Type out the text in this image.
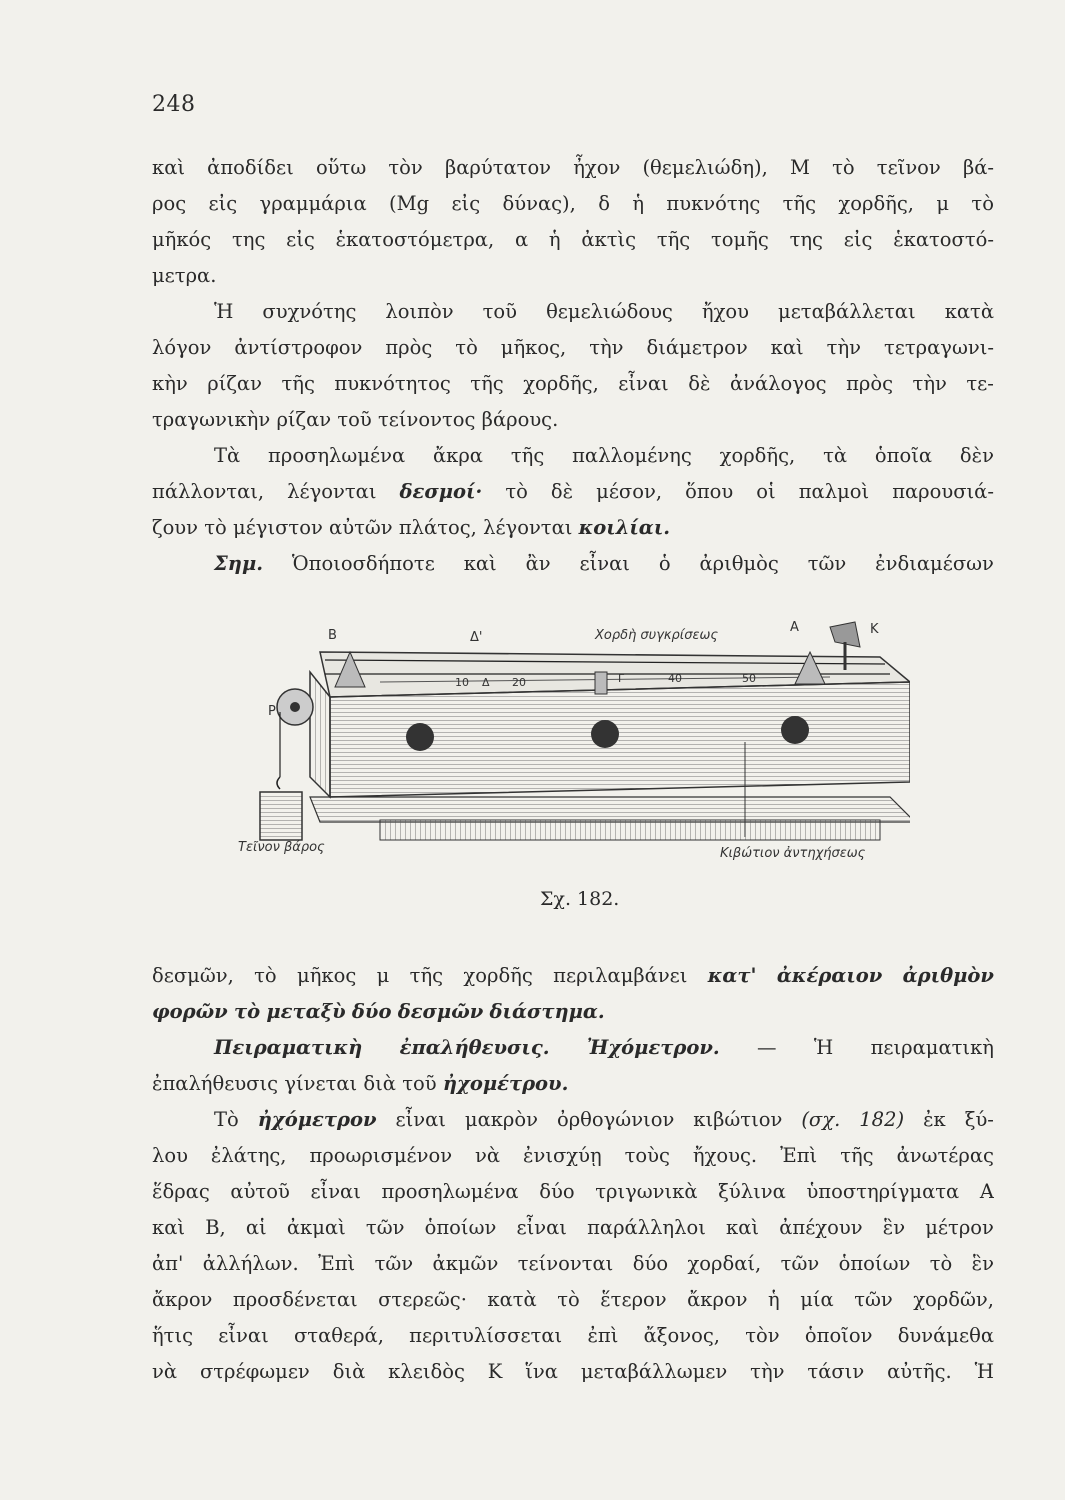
248
καὶ ἀποδίδει οὕτω τὸν βαρύτατον ἦχον (θεμελιώδη), M τὸ τεῖνον βά-
ρος εἰς γραμμάρια (Mg εἰς δύνας), δ ἡ πυκνότης τῆς χορδῆς, μ τὸ
μῆκός της εἰς ἑκατοστόμετρα, α ἡ ἀκτὶς τῆς τομῆς της εἰς ἑκατοστό-
μετρα.
Ἡ συχνότης λοιπὸν τοῦ θεμελιώδους ἤχου μεταβάλλεται κατὰ
λόγον ἀντίστροφον πρὸς τὸ μῆκος, τὴν διάμετρον καὶ τὴν τετραγωνι-
κὴν ρίζαν τῆς πυκνότητος τῆς χορδῆς, εἶναι δὲ ἀνάλογος πρὸς τὴν τε-
τραγωνικὴν ρίζαν τοῦ τείνοντος βάρους.
Τὰ προσηλωμένα ἄκρα τῆς παλλομένης χορδῆς, τὰ ὁποῖα δὲν
πάλλονται, λέγονται δεσμοί· τὸ δὲ μέσον, ὅπου οἱ παλμοὶ παρουσιά-
ζουν τὸ μέγιστον αὐτῶν πλάτος, λέγονται κοιλίαι.
Σημ. Ὁποιοσδήποτε καὶ ἂν εἶναι ὁ ἀριθμὸς τῶν ἐνδιαμέσων
B	Δ'	Χορδὴ συγκρίσεως
A	K
P
10 Δ 20	Γ	40	50
Τεῖνον βάρος	Κιβώτιον ἀντηχήσεως
Σχ. 182.
δεσμῶν, τὸ μῆκος μ τῆς χορδῆς περιλαμβάνει κατ' ἀκέραιον ἀριθμὸν
φορῶν τὸ μεταξὺ δύο δεσμῶν διάστημα.
Πειραματικὴ ἐπαλήθευσις. Ἠχόμετρον. — Ἡ πειραματικὴ
ἐπαλήθευσις γίνεται διὰ τοῦ ἠχομέτρου.
Τὸ ἠχόμετρον εἶναι μακρὸν ὀρθογώνιον κιβώτιον (σχ. 182) ἐκ ξύ-
λου ἐλάτης, προωρισμένον νὰ ἐνισχύῃ τοὺς ἤχους. Ἐπὶ τῆς ἀνωτέρας
ἕδρας αὐτοῦ εἶναι προσηλωμένα δύο τριγωνικὰ ξύλινα ὑποστηρίγματα A
καὶ B, αἱ ἀκμαὶ τῶν ὁποίων εἶναι παράλληλοι καὶ ἀπέχουν ἓν μέτρον
ἀπ' ἀλλήλων. Ἐπὶ τῶν ἀκμῶν τείνονται δύο χορδαί, τῶν ὁποίων τὸ ἓν
ἄκρον προσδένεται στερεῶς· κατὰ τὸ ἕτερον ἄκρον ἡ μία τῶν χορδῶν,
ἥτις εἶναι σταθερά, περιτυλίσσεται ἐπὶ ἄξονος, τὸν ὁποῖον δυνάμεθα
νὰ στρέφωμεν διὰ κλειδὸς K ἵνα μεταβάλλωμεν τὴν τάσιν αὐτῆς. Ἡ
